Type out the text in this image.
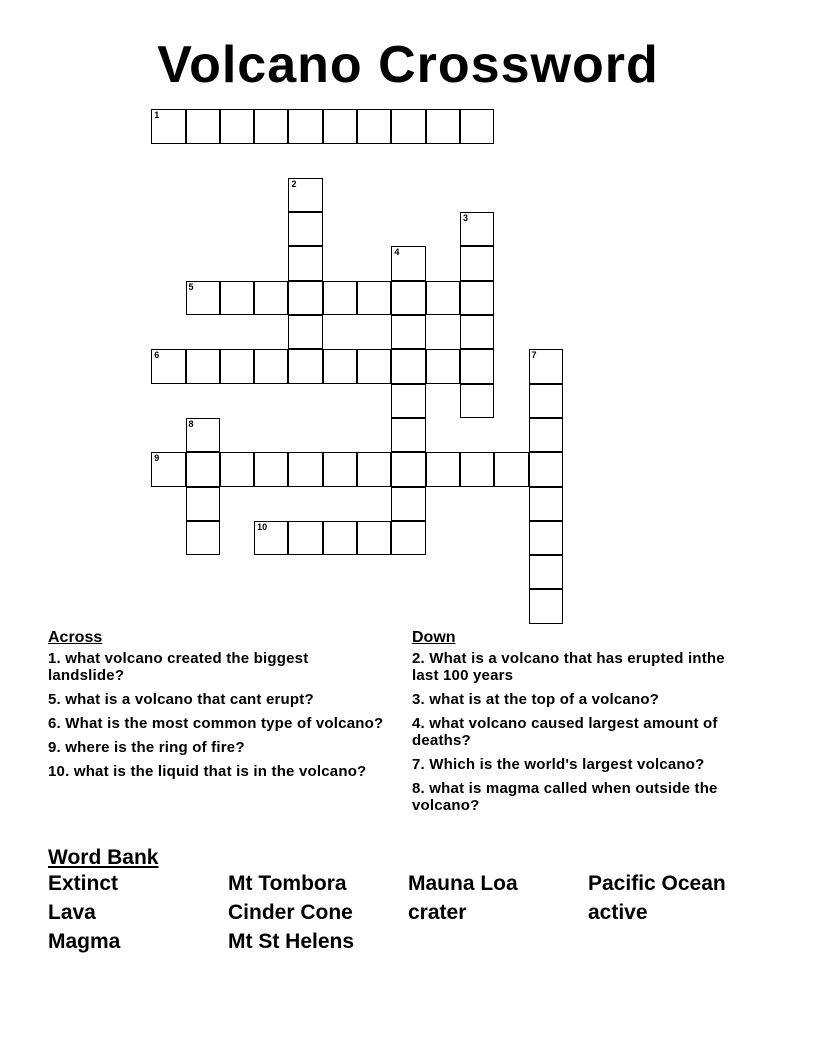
Volcano Crossword
1
2
3
4
5
6	7
8
9
10
Across
1. what volcano created the biggest landslide?
5. what is a volcano that cant erupt?
6. What is the most common type of volcano?
9. where is the ring of fire?
10. what is the liquid that is in the volcano?
Down
2. What is a volcano that has erupted inthe last 100 years
3. what is at the top of a volcano?
4. what volcano caused largest amount of deaths?
7. Which is the world's largest volcano?
8. what is magma called when outside the volcano?
Word Bank
Extinct	Mt Tombora	Mauna Loa	Pacific Ocean
Lava	Cinder Cone	crater	active
Magma	Mt St Helens
